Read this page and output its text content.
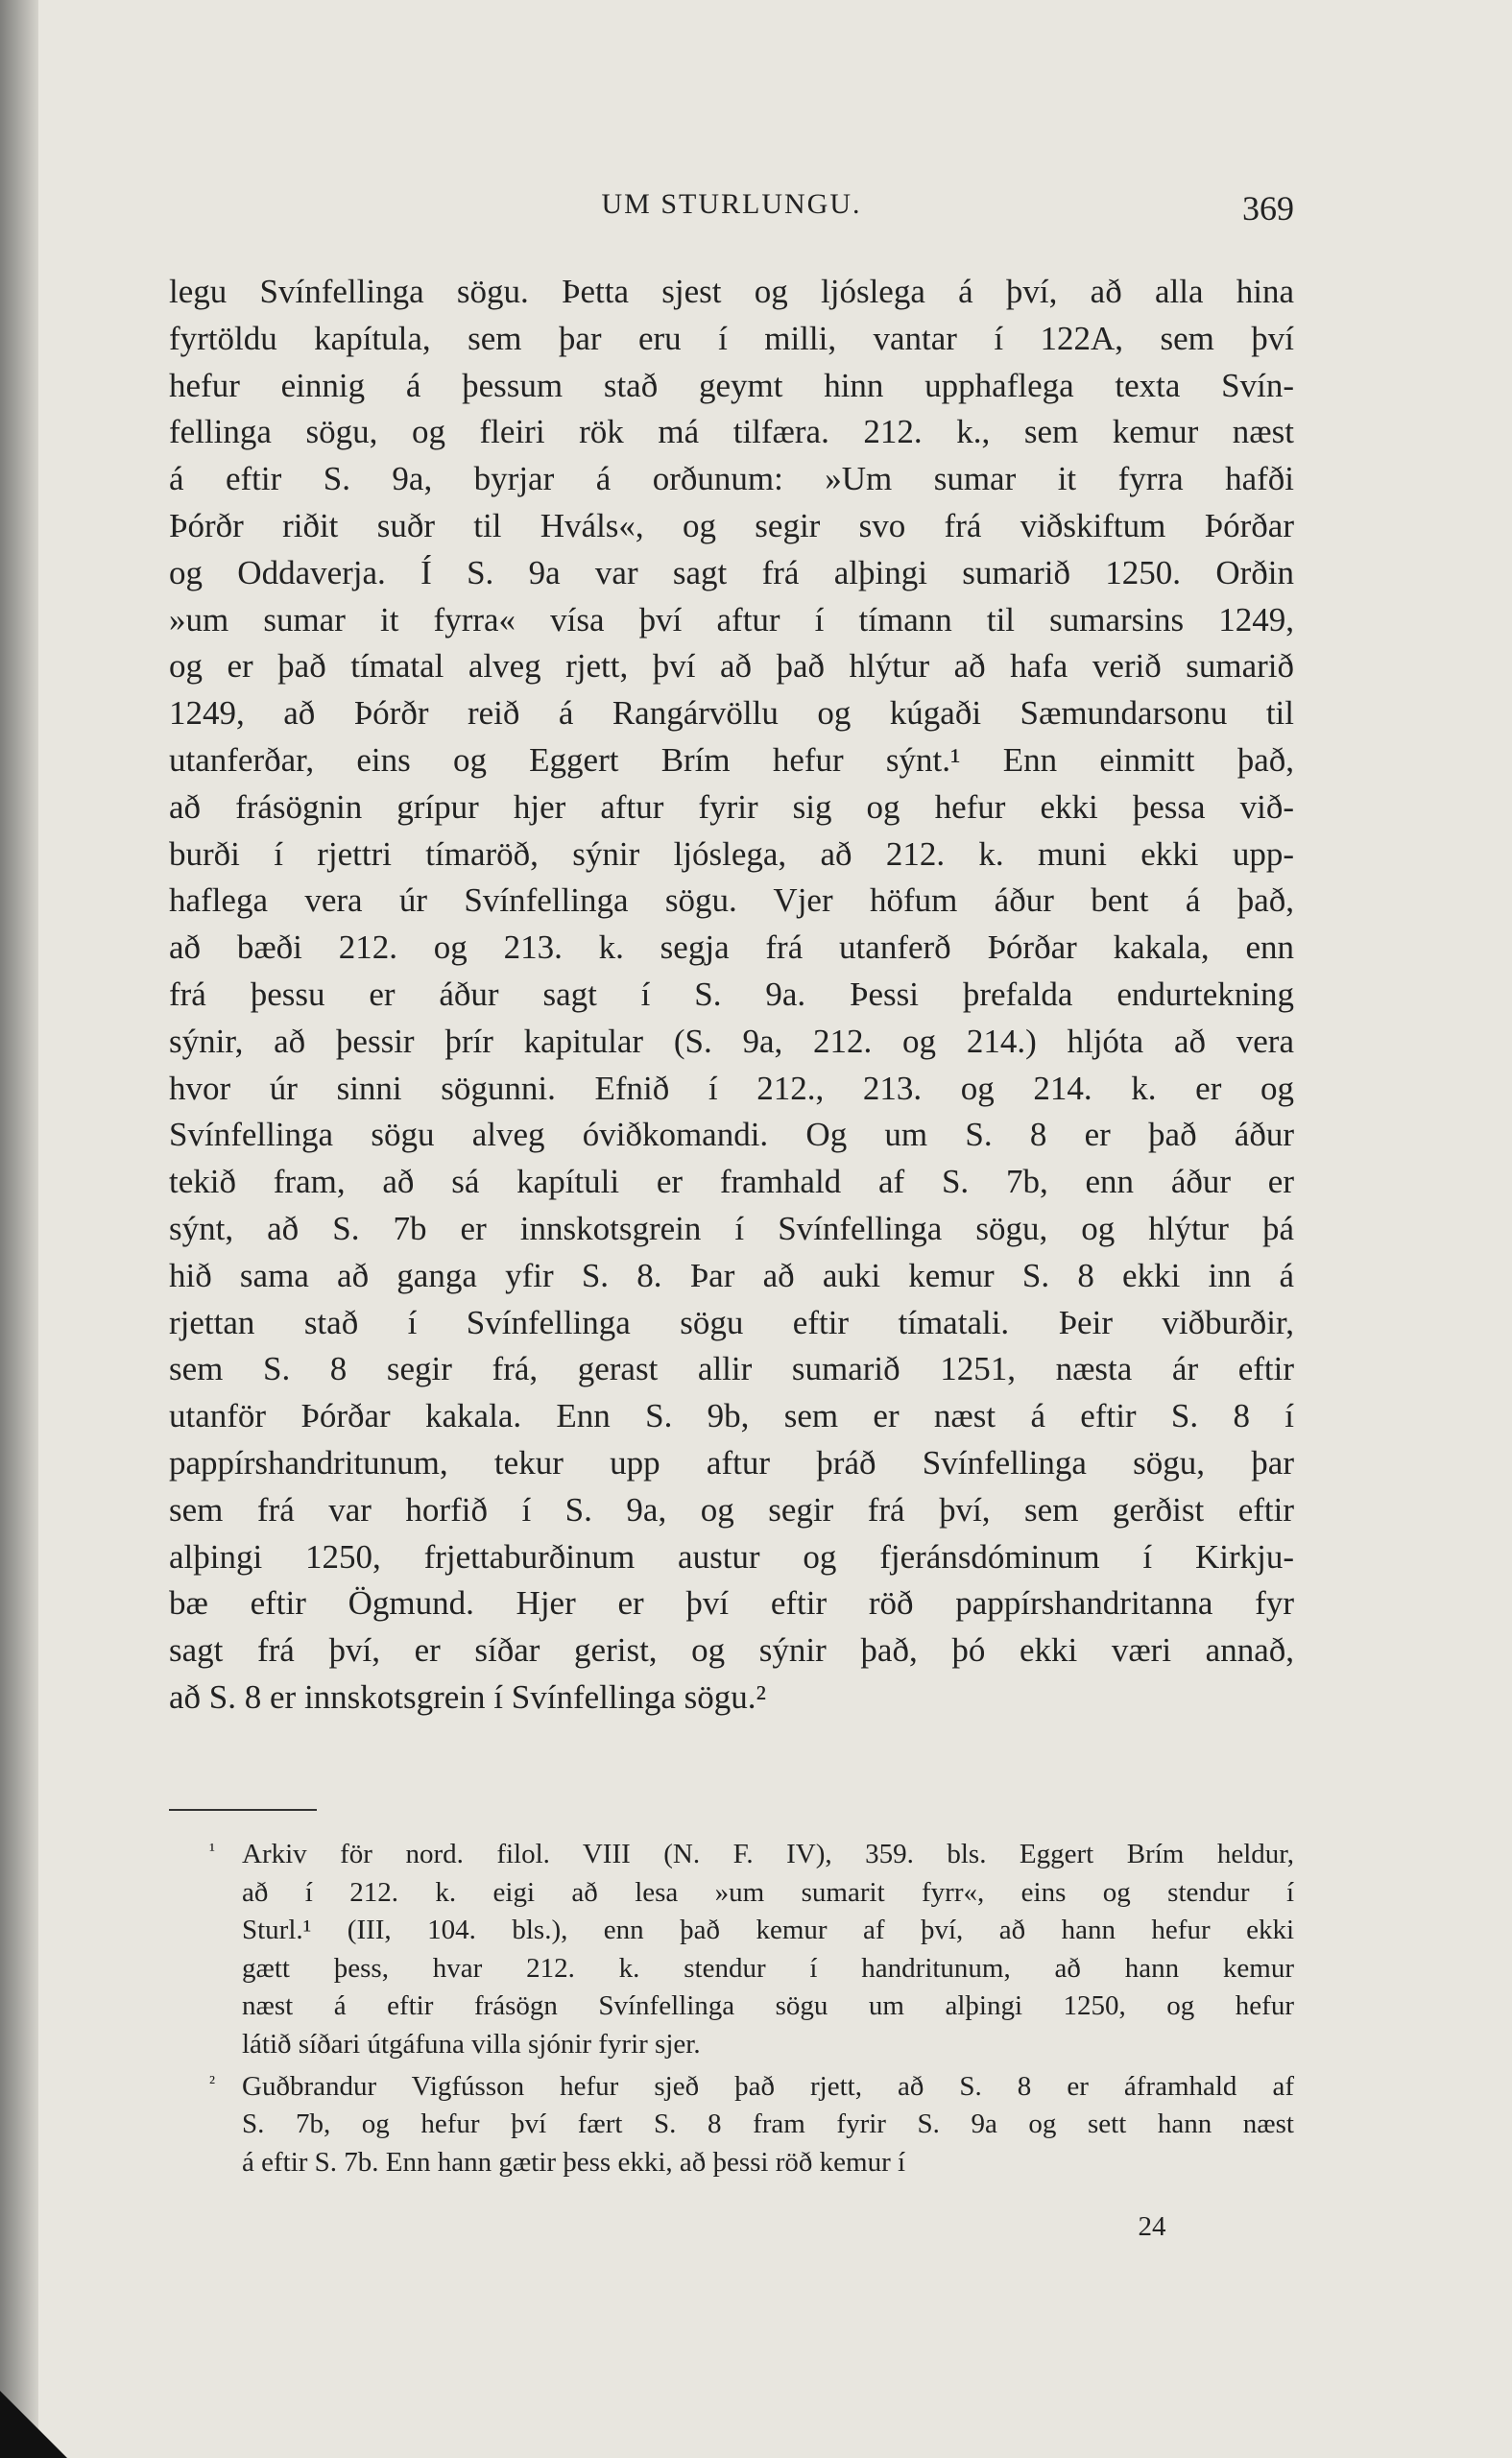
UM STURLUNGU.	369
legu Svínfellinga sögu. Þetta sjest og ljóslega á því, að alla hina
fyrtöldu kapítula, sem þar eru í milli, vantar í 122A, sem því
hefur einnig á þessum stað geymt hinn upphaflega texta Svín-
fellinga sögu, og fleiri rök má tilfæra. 212. k., sem kemur næst
á eftir S. 9a, byrjar á orðunum: »Um sumar it fyrra hafði
Þórðr riðit suðr til Hváls«, og segir svo frá viðskiftum Þórðar
og Oddaverja. Í S. 9a var sagt frá alþingi sumarið 1250. Orðin
»um sumar it fyrra« vísa því aftur í tímann til sumarsins 1249,
og er það tímatal alveg rjett, því að það hlýtur að hafa verið sumarið
1249, að Þórðr reið á Rangárvöllu og kúgaði Sæmundarsonu til
utanferðar, eins og Eggert Brím hefur sýnt.¹ Enn einmitt það,
að frásögnin grípur hjer aftur fyrir sig og hefur ekki þessa við-
burði í rjettri tímaröð, sýnir ljóslega, að 212. k. muni ekki upp-
haflega vera úr Svínfellinga sögu. Vjer höfum áður bent á það,
að bæði 212. og 213. k. segja frá utanferð Þórðar kakala, enn
frá þessu er áður sagt í S. 9a. Þessi þrefalda endurtekning
sýnir, að þessir þrír kapitular (S. 9a, 212. og 214.) hljóta að vera
hvor úr sinni sögunni. Efnið í 212., 213. og 214. k. er og
Svínfellinga sögu alveg óviðkomandi. Og um S. 8 er það áður
tekið fram, að sá kapítuli er framhald af S. 7b, enn áður er
sýnt, að S. 7b er innskotsgrein í Svínfellinga sögu, og hlýtur þá
hið sama að ganga yfir S. 8. Þar að auki kemur S. 8 ekki inn á
rjettan stað í Svínfellinga sögu eftir tímatali. Þeir viðburðir,
sem S. 8 segir frá, gerast allir sumarið 1251, næsta ár eftir
utanför Þórðar kakala. Enn S. 9b, sem er næst á eftir S. 8 í
pappírshandritunum, tekur upp aftur þráð Svínfellinga sögu, þar
sem frá var horfið í S. 9a, og segir frá því, sem gerðist eftir
alþingi 1250, frjettaburðinum austur og fjeránsdóminum í Kirkju-
bæ eftir Ögmund. Hjer er því eftir röð pappírshandritanna fyr
sagt frá því, er síðar gerist, og sýnir það, þó ekki væri annað,
að S. 8 er innskotsgrein í Svínfellinga sögu.²
¹ Arkiv för nord. filol. VIII (N. F. IV), 359. bls. Eggert Brím heldur,
að í 212. k. eigi að lesa »um sumarit fyrr«, eins og stendur í
Sturl.¹ (III, 104. bls.), enn það kemur af því, að hann hefur ekki
gætt þess, hvar 212. k. stendur í handritunum, að hann kemur
næst á eftir frásögn Svínfellinga sögu um alþingi 1250, og hefur
látið síðari útgáfuna villa sjónir fyrir sjer.
² Guðbrandur Vigfússon hefur sjeð það rjett, að S. 8 er áframhald af
S. 7b, og hefur því fært S. 8 fram fyrir S. 9a og sett hann næst
á eftir S. 7b. Enn hann gætir þess ekki, að þessi röð kemur í
24
